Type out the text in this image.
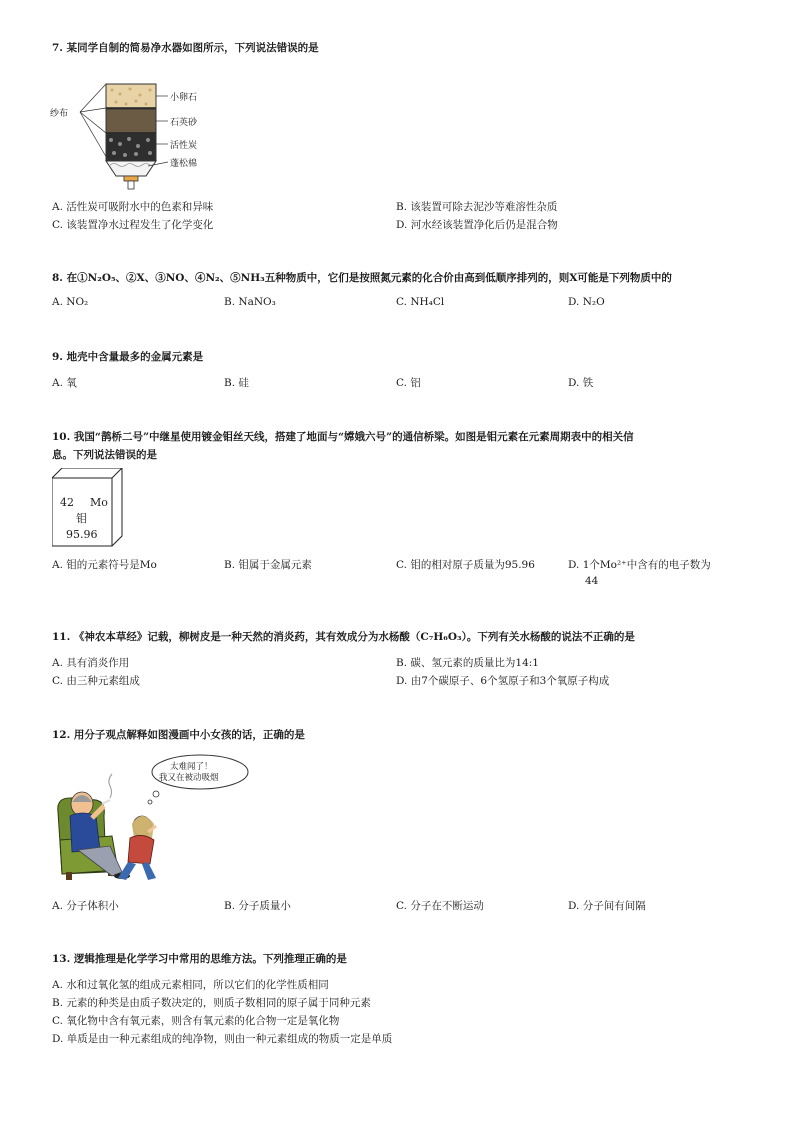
7. 某同学自制的简易净水器如图所示，下列说法错误的是
纱布
小卵石
石英砂
活性炭
蓬松棉
A. 活性炭可吸附水中的色素和异味	B. 该装置可除去泥沙等难溶性杂质
C. 该装置净水过程发生了化学变化	D. 河水经该装置净化后仍是混合物
8. 在①N₂O₅、②X、③NO、④N₂、⑤NH₃五种物质中，它们是按照氮元素的化合价由高到低顺序排列的，则X可能是下列物质中的
A. NO₂	B. NaNO₃	C. NH₄Cl	D. N₂O
9. 地壳中含量最多的金属元素是
A. 氧	B. 硅	C. 铝	D. 铁
10. 我国“鹊桥二号”中继星使用镀金钼丝天线，搭建了地面与“嫦娥六号”的通信桥梁。如图是钼元素在元素周期表中的相关信
息。下列说法错误的是
42 Mo
钼
95.96
A. 钼的元素符号是Mo	B. 钼属于金属元素	C. 钼的相对原子质量为95.96	D. 1个Mo²⁺中含有的电子数为
44
11. 《神农本草经》记载，柳树皮是一种天然的消炎药，其有效成分为水杨酸（C₇H₆O₃）。下列有关水杨酸的说法不正确的是
A. 具有消炎作用	B. 碳、氢元素的质量比为14:1
C. 由三种元素组成	D. 由7个碳原子、6个氢原子和3个氧原子构成
12. 用分子观点解释如图漫画中小女孩的话，正确的是
太难闻了！
我又在被动吸烟
A. 分子体积小	B. 分子质量小	C. 分子在不断运动	D. 分子间有间隔
13. 逻辑推理是化学学习中常用的思维方法。下列推理正确的是
A. 水和过氧化氢的组成元素相同，所以它们的化学性质相同
B. 元素的种类是由质子数决定的，则质子数相同的原子属于同种元素
C. 氧化物中含有氧元素，则含有氧元素的化合物一定是氧化物
D. 单质是由一种元素组成的纯净物，则由一种元素组成的物质一定是单质
